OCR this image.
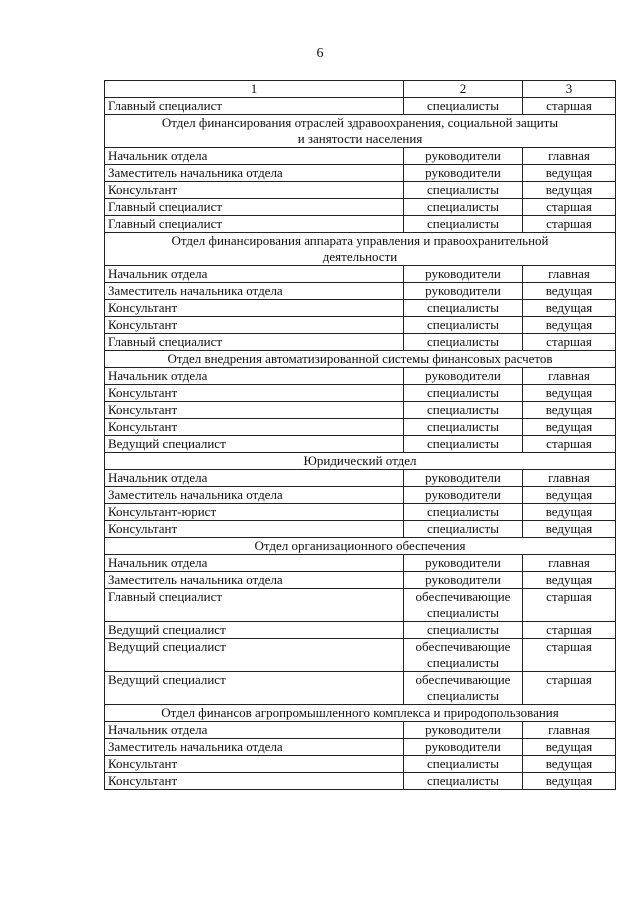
6
1	2	3
Главный специалист	специалисты	старшая

Отдел финансирования отраслей здравоохранения, социальной защиты
и занятости населения		

Начальник отдела	руководители	главная
Заместитель начальника отдела	руководители	ведущая
Консультант	специалисты	ведущая
Главный специалист	специалисты	старшая
Главный специалист	специалисты	старшая

Отдел финансирования аппарата управления и правоохранительной
деятельности		

Начальник отдела	руководители	главная
Заместитель начальника отдела	руководители	ведущая
Консультант	специалисты	ведущая
Консультант	специалисты	ведущая
Главный специалист	специалисты	старшая

Отдел внедрения автоматизированной системы финансовых расчетов		

Начальник отдела	руководители	главная
Консультант	специалисты	ведущая
Консультант	специалисты	ведущая
Консультант	специалисты	ведущая
Ведущий специалист	специалисты	старшая

Юридический отдел		

Начальник отдела	руководители	главная
Заместитель начальника отдела	руководители	ведущая
Консультант-юрист	специалисты	ведущая
Консультант	специалисты	ведущая

Отдел организационного обеспечения		

Начальник отдела	руководители	главная
Заместитель начальника отдела	руководители	ведущая
Главный специалист	обеспечивающие специалисты	старшая
Ведущий специалист	специалисты	старшая
Ведущий специалист	обеспечивающие специалисты	старшая
Ведущий специалист	обеспечивающие специалисты	старшая

Отдел финансов агропромышленного комплекса и природопользования		

Начальник отдела	руководители	главная
Заместитель начальника отдела	руководители	ведущая
Консультант	специалисты	ведущая
Консультант	специалисты	ведущая
